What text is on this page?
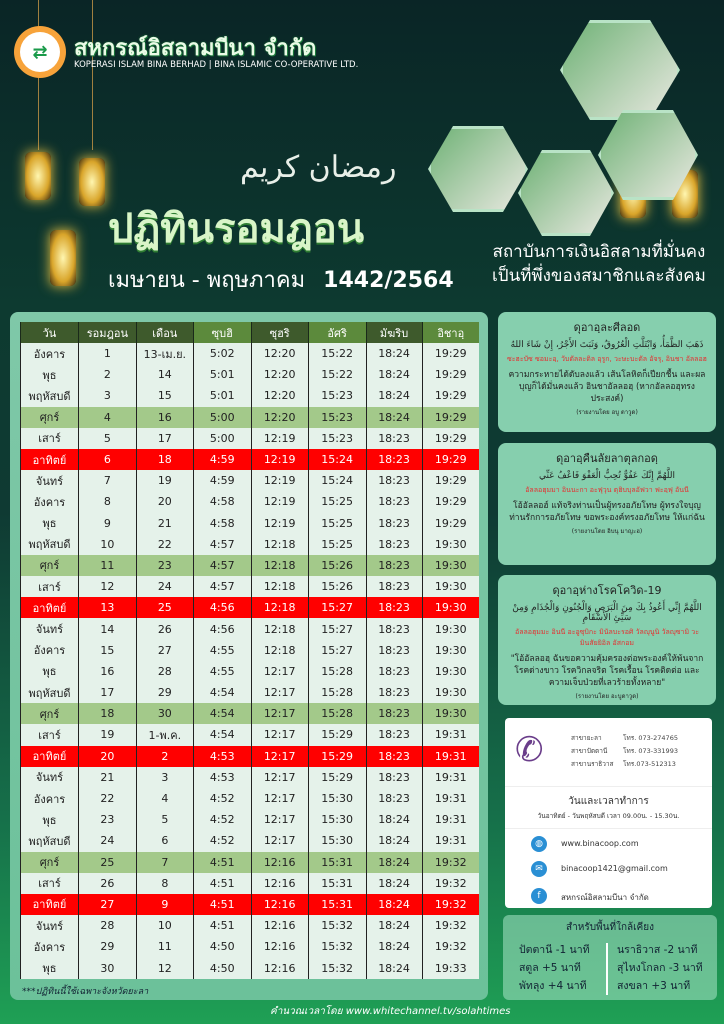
⇄	สหกรณ์อิสลามบีนา จำกัด
KOPERASI ISLAM BINA BERHAD | BINA ISLAMIC CO-OPERATIVE LTD.
رمضان كريم
ปฏิทินรอมฎอน
เมษายน - พฤษภาคม 1442/2564
สถาบันการเงินอิสลามที่มั่นคง
เป็นที่พึ่งของสมาชิกและสังคม
วัน	รอมฎอน	เดือน	ซุบฮิ	ซุฮริ	อัศริ	มัฆริบ	อิชาอฺ
อังคาร	1	13-เม.ย.	5:02	12:20	15:22	18:24	19:29
พุธ	2	14	5:01	12:20	15:22	18:24	19:29
พฤหัสบดี	3	15	5:01	12:20	15:23	18:24	19:29
ศุกร์	4	16	5:00	12:20	15:23	18:24	19:29
เสาร์	5	17	5:00	12:19	15:23	18:23	19:29
อาทิตย์	6	18	4:59	12:19	15:24	18:23	19:29
จันทร์	7	19	4:59	12:19	15:24	18:23	19:29
อังคาร	8	20	4:58	12:19	15:25	18:23	19:29
พุธ	9	21	4:58	12:19	15:25	18:23	19:29
พฤหัสบดี	10	22	4:57	12:18	15:25	18:23	19:30
ศุกร์	11	23	4:57	12:18	15:26	18:23	19:30
เสาร์	12	24	4:57	12:18	15:26	18:23	19:30
อาทิตย์	13	25	4:56	12:18	15:27	18:23	19:30
จันทร์	14	26	4:56	12:18	15:27	18:23	19:30
อังคาร	15	27	4:55	12:18	15:27	18:23	19:30
พุธ	16	28	4:55	12:17	15:28	18:23	19:30
พฤหัสบดี	17	29	4:54	12:17	15:28	18:23	19:30
ศุกร์	18	30	4:54	12:17	15:28	18:23	19:30
เสาร์	19	1-พ.ค.	4:54	12:17	15:29	18:23	19:31
อาทิตย์	20	2	4:53	12:17	15:29	18:23	19:31
จันทร์	21	3	4:53	12:17	15:29	18:23	19:31
อังคาร	22	4	4:52	12:17	15:30	18:23	19:31
พุธ	23	5	4:52	12:17	15:30	18:24	19:31
พฤหัสบดี	24	6	4:52	12:17	15:30	18:24	19:31
ศุกร์	25	7	4:51	12:16	15:31	18:24	19:32
เสาร์	26	8	4:51	12:16	15:31	18:24	19:32
อาทิตย์	27	9	4:51	12:16	15:31	18:24	19:32
จันทร์	28	10	4:51	12:16	15:32	18:24	19:32
อังคาร	29	11	4:50	12:16	15:32	18:24	19:32
พุธ	30	12	4:50	12:16	15:32	18:24	19:33
***ปฏิทินนี้ใช้เฉพาะจังหวัดยะลา
คำนวณเวลาโดย www.whitechannel.tv/solahtimes
ดุอาอฺละศีลอด
ذَهَبَ الظَّمَأُ، وَابْتَلَّتِ الْعُرُوقُ، وَثَبَتَ الأَجْرُ، إِنْ شَاءَ اللهُ
ซะฮะบัซ ซอมะอฺ, วับตัลละติล อุรูก, วะษะบะตัล อัจรุ, อินชา อัลลอฮ
ความกระหายได้ดับลงแล้ว เส้นโลหิตก็เปียกชื้น และผลบุญก็ได้มั่นคงแล้ว อินชาอัลลอฮฺ (หากอัลลอฮฺทรงประสงค์)
(รายงานโดย อบู ดาวูด)
ดุอาอฺคืนลัยลาตุลกอดฺ
اللَّهُمَّ إِنَّكَ عَفُوٌّ تُحِبُّ الْعَفْوَ فَاعْفُ عَنِّي
อัลลอฮุมมา อินนะกา อะฟุวุน ตุฮิบบุลอัฟวา ฟะอฺฟุ อันนี
โอ้อัลลอฮ์ แท้จริงท่านเป็นผู้ทรงอภัยโทษ ผู้ทรงใจบุญ ท่านรักการอภัยโทษ ขอพระองค์ทรงอภัยโทษ ให้แก่ฉัน
(รายงานโดย อิบนุ มาญะฮ)
ดุอาอฺห่างโรคโควิด-19
اللَّهُمَّ إِنِّي أَعُوذُ بِكَ مِنَ الْبَرَصِ وَالْجُنُونِ وَالْجُذَامِ وَمِنْ سَيِّئِ الأَسْقَامِ
อัลลอฮุมมะ อินนี อะอูซุบิกะ มินัลบะรอศิ วัลญุนูนิ วัลญุซามิ วะมินสัยยิอิล อัสกอม
"โอ้อัลลอฮฺ ฉันขอความคุ้มครองต่อพระองค์ให้พ้นจาก โรคด่างขาว โรควิกลจริต โรคเรื้อน โรคติดต่อ และความเจ็บป่วยที่เลวร้ายทั้งหลาย"
(รายงานโดย อะบูดาวูด)
✆	สาขายะลา	โทร. 073-274765
สาขาปัตตานี โทร. 073-331993
สาขานราธิวาส โทร.073-512313
วันและเวลาทำการ
วันอาทิตย์ - วันพฤหัสบดี เวลา 09.00น. - 15.30น.
◍	www.binacoop.com
✉	binacoop1421@gmail.com
f	สหกรณ์อิสลามบีนา จำกัด
สำหรับพื้นที่ใกล้เคียง
ปัตตานี -1 นาที
สตูล +5 นาที
พัทลุง +4 นาที
นราธิวาส -2 นาที
สุไหงโกลก -3 นาที
สงขลา +3 นาที
